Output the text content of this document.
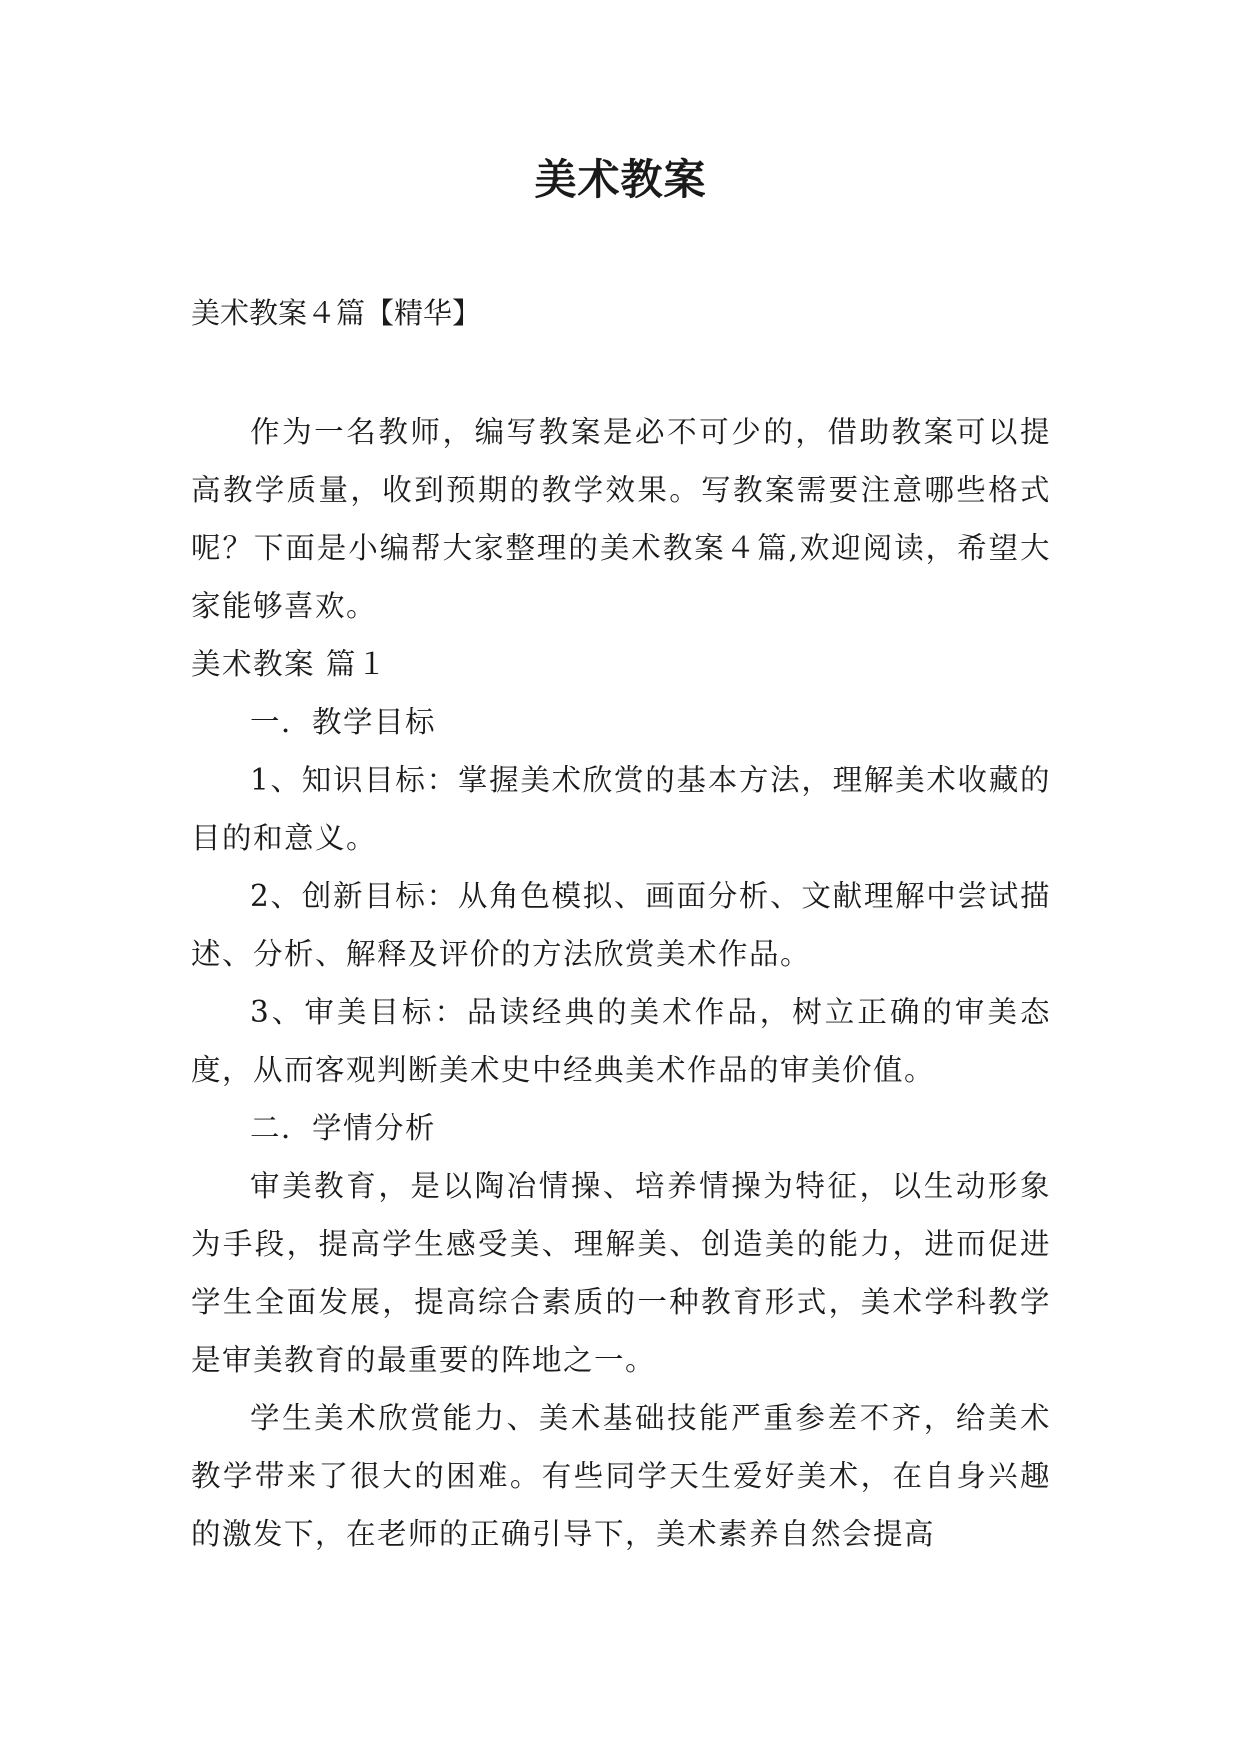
美术教案

美术教案４篇【精华】

作为一名教师，编写教案是必不可少的，借助教案可以提高教学质量，收到预期的教学效果。写教案需要注意哪些格式呢？下面是小编帮大家整理的美术教案４篇,欢迎阅读，希望大家能够喜欢。

美术教案 篇１

一．教学目标

1、知识目标：掌握美术欣赏的基本方法，理解美术收藏的目的和意义。

2、创新目标：从角色模拟、画面分析、文献理解中尝试描述、分析、解释及评价的方法欣赏美术作品。

3、审美目标：品读经典的美术作品，树立正确的审美态度，从而客观判断美术史中经典美术作品的审美价值。

二．学情分析

审美教育，是以陶冶情操、培养情操为特征，以生动形象为手段，提高学生感受美、理解美、创造美的能力，进而促进学生全面发展，提高综合素质的一种教育形式，美术学科教学是审美教育的最重要的阵地之一。

学生美术欣赏能力、美术基础技能严重参差不齐，给美术教学带来了很大的困难。有些同学天生爱好美术，在自身兴趣的激发下，在老师的正确引导下，美术素养自然会提高
